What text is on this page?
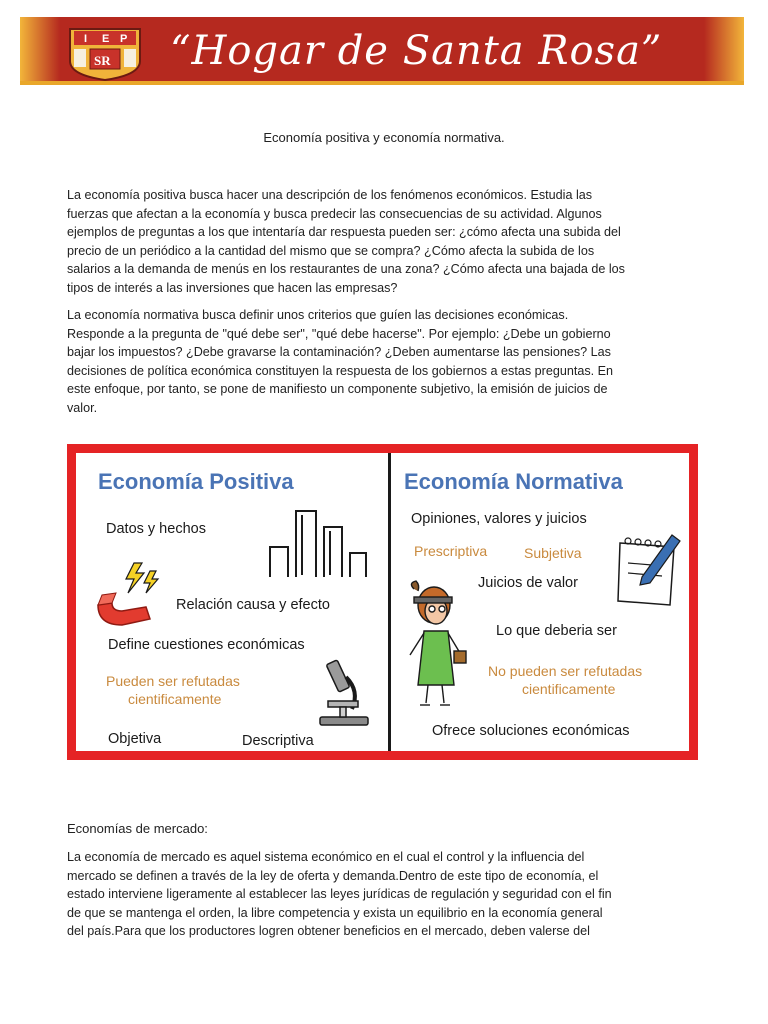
I E P
SR “Hogar de Santa Rosa”
Economía positiva y economía normativa.
La economía positiva busca hacer una descripción de los fenómenos económicos. Estudia las
fuerzas que afectan a la economía y busca predecir las consecuencias de su actividad. Algunos
ejemplos de preguntas a los que intentaría dar respuesta pueden ser: ¿cómo afecta una subida del
precio de un periódico a la cantidad del mismo que se compra? ¿Cómo afecta la subida de los
salarios a la demanda de menús en los restaurantes de una zona? ¿Cómo afecta una bajada de los
tipos de interés a las inversiones que hacen las empresas?
La economía normativa busca definir unos criterios que guíen las decisiones económicas.
Responde a la pregunta de "qué debe ser", "qué debe hacerse". Por ejemplo: ¿Debe un gobierno
bajar los impuestos? ¿Debe gravarse la contaminación? ¿Deben aumentarse las pensiones? Las
decisiones de política económica constituyen la respuesta de los gobiernos a estas preguntas. En
este enfoque, por tanto, se pone de manifiesto un componente subjetivo, la emisión de juicios de
valor.
Economía Positiva
Datos y hechos
Relación causa y efecto
Define cuestiones económicas
Pueden ser refutadas
cientificamente
Objetiva	Descriptiva
Economía Normativa
Opiniones, valores y juicios
Prescriptiva	Subjetiva
Juicios de valor
Lo que deberia ser
No pueden ser refutadas
cientificamente
Ofrece soluciones económicas
Economías de mercado:
La economía de mercado es aquel sistema económico en el cual el control y la influencia del
mercado se definen a través de la ley de oferta y demanda.Dentro de este tipo de economía, el
estado interviene ligeramente al establecer las leyes jurídicas de regulación y seguridad con el fin
de que se mantenga el orden, la libre competencia y exista un equilibrio en la economía general
del país.Para que los productores logren obtener beneficios en el mercado, deben valerse del
